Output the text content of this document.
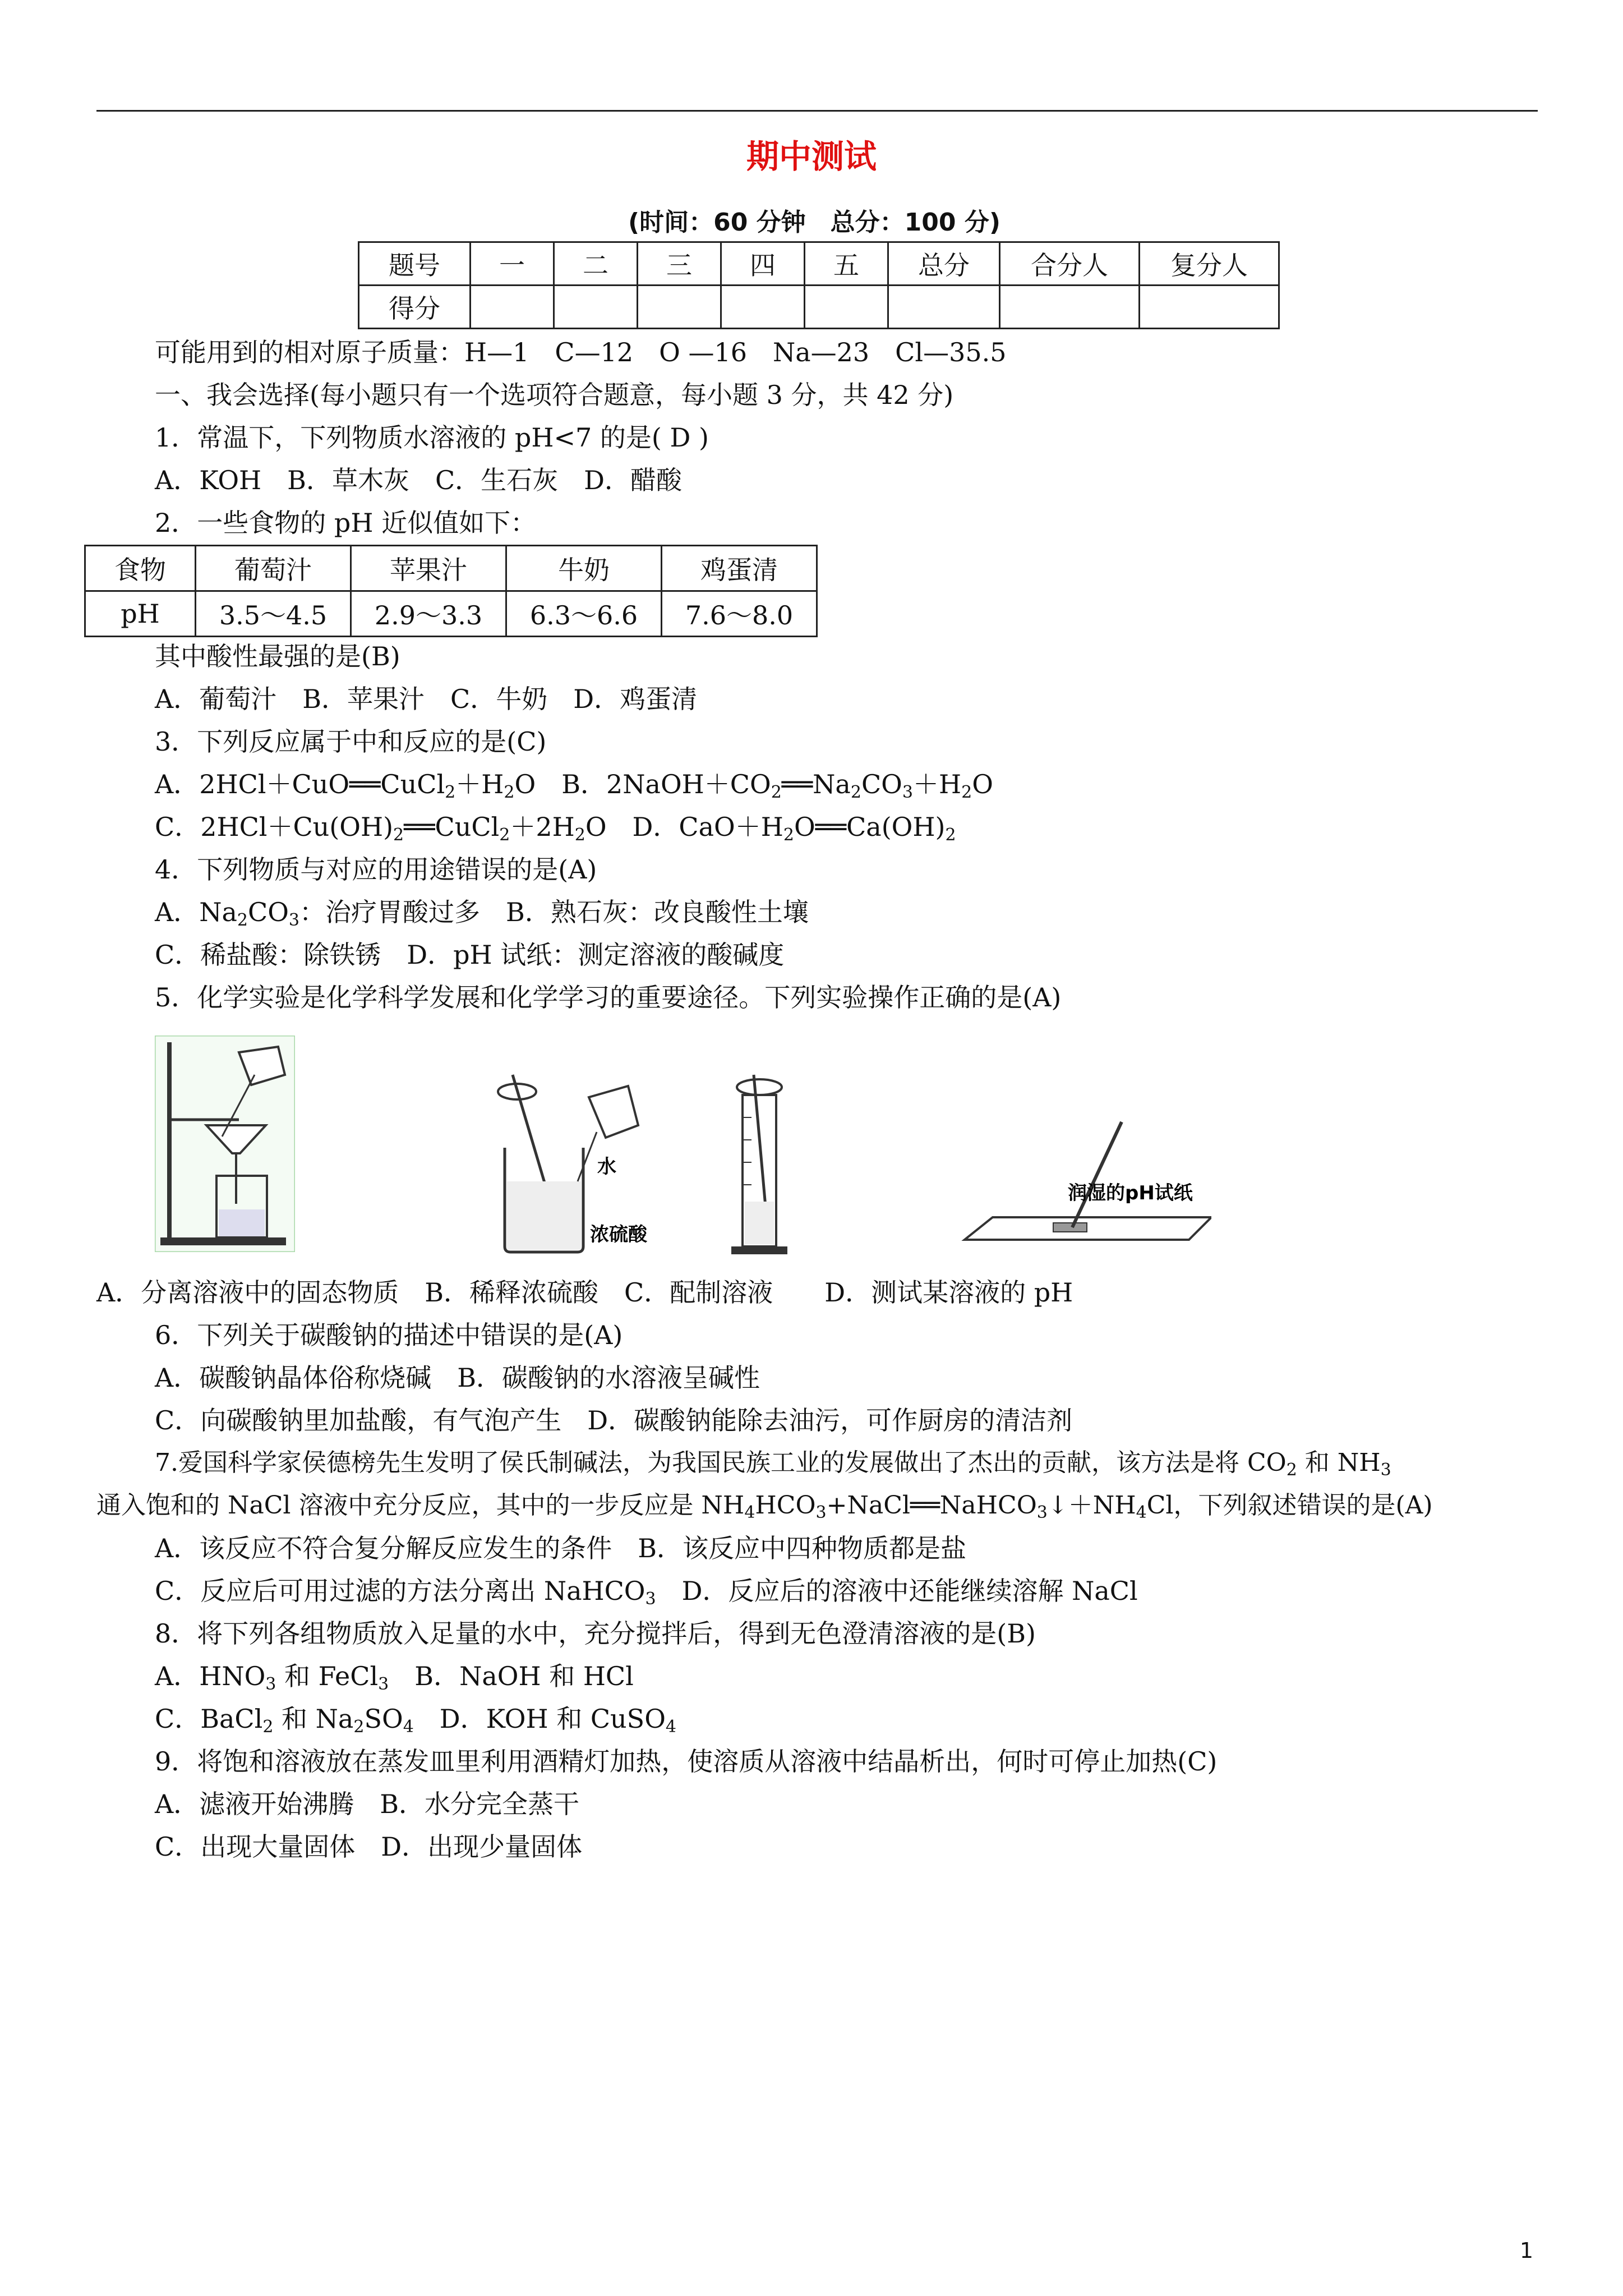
期中测试
(时间：60 分钟　总分：100 分)
题号	一	二	三	四	五	总分	合分人	复分人
得分								
可能用到的相对原子质量：H—1　C—12　O —16　Na—23　Cl—35.5
一、我会选择(每小题只有一个选项符合题意，每小题 3 分，共 42 分)
1．常温下，下列物质水溶液的 pH<7 的是( D )
A．KOH　B．草木灰　C．生石灰　D．醋酸
2．一些食物的 pH 近似值如下：
食物	葡萄汁	苹果汁	牛奶	鸡蛋清
pH	3.5～4.5	2.9～3.3	6.3～6.6	7.6～8.0
其中酸性最强的是(B)
A．葡萄汁　B．苹果汁　C．牛奶　D．鸡蛋清
3．下列反应属于中和反应的是(C)
A．$2HCl+CuO══CuCl_2+H_2O$　 B．$2NaOH+CO_2══Na_2CO_3+H_2O$
C．$2HCl+Cu(OH)_2══CuCl_2+2H_2O$　 D．$CaO+H_2O══Ca(OH)_2$
4．下列物质与对应的用途错误的是(A)
A．$Na_2CO_3$：治疗胃酸过多　 B．熟石灰：改良酸性土壤
C．稀盐酸：除铁锈　 D．pH 试纸：测定溶液的酸碱度
5．化学实验是化学科学发展和化学学习的重要途径。下列实验操作正确的是(A)
水
浓硫酸
润湿的pH试纸
A．分离溶液中的固态物质　B．稀释浓硫酸　C．配制溶液　　D．测试某溶液的 pH
6．下列关于碳酸钠的描述中错误的是(A)
A．碳酸钠晶体俗称烧碱　B．碳酸钠的水溶液呈碱性
C．向碳酸钠里加盐酸，有气泡产生　D．碳酸钠能除去油污，可作厨房的清洁剂
7.爱国科学家侯德榜先生发明了侯氏制碱法，为我国民族工业的发展做出了杰出的贡献，该方法是将 $CO_2$ 和 $NH_3$
通入饱和的 NaCl 溶液中充分反应，其中的一步反应是 $NH_4HCO_3+NaCl══NaHCO_3↓+NH_4Cl$，下列叙述错误的是(A)
A．该反应不符合复分解反应发生的条件　B．该反应中四种物质都是盐
C．反应后可用过滤的方法分离出 NaHCO$_3$　D．反应后的溶液中还能继续溶解 NaCl
8．将下列各组物质放入足量的水中，充分搅拌后，得到无色澄清溶液的是(B)
A．$HNO_3$ 和 FeCl$_3$　B．NaOH 和 HCl
C．BaCl$_2$ 和 $Na_2SO_4$　D．KOH 和 CuSO$_4$
9．将饱和溶液放在蒸发皿里利用酒精灯加热，使溶质从溶液中结晶析出，何时可停止加热(C)
A．滤液开始沸腾　B．水分完全蒸干
C．出现大量固体　D．出现少量固体
1
